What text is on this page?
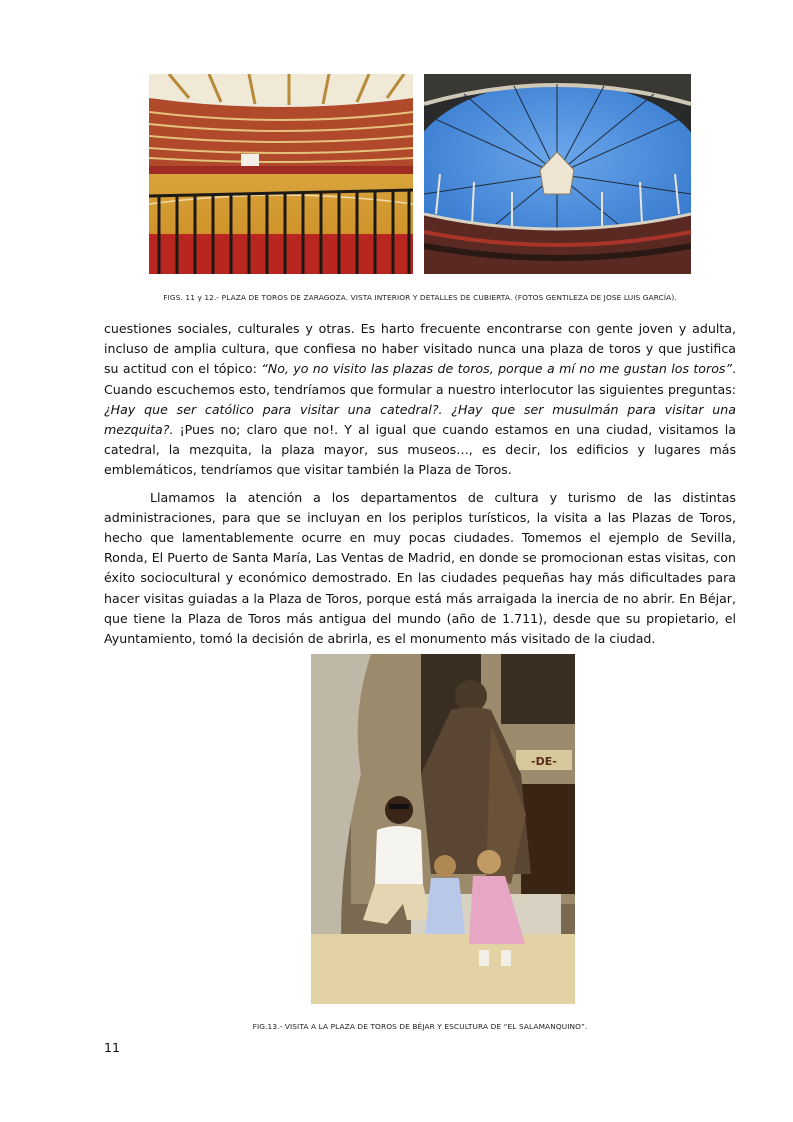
FIGS. 11 y 12.- PLAZA DE TOROS DE ZARAGOZA. VISTA INTERIOR Y DETALLES DE CUBIERTA. (FOTOS GENTILEZA DE JOSE LUIS GARCÍA).

cuestiones sociales, culturales y otras. Es harto frecuente encontrarse con gente joven y adulta, incluso de amplia cultura, que confiesa no haber visitado nunca una plaza de toros y que justifica su actitud con el tópico: “No, yo no visito las plazas de toros, porque a mí no me gustan los toros”. Cuando escuchemos esto, tendríamos que formular a nuestro interlocutor las siguientes preguntas: ¿Hay que ser católico para visitar una catedral?. ¿Hay que ser musulmán para visitar una mezquita?. ¡Pues no; claro que no!. Y al igual que cuando estamos en una ciudad, visitamos la catedral, la mezquita, la plaza mayor, sus museos…, es decir, los edificios y lugares más emblemáticos, tendríamos que visitar también la Plaza de Toros.

Llamamos la atención a los departamentos de cultura y turismo de las distintas administraciones, para que se incluyan en los periplos turísticos, la visita a las Plazas de Toros, hecho que lamentablemente ocurre en muy pocas ciudades. Tomemos el ejemplo de Sevilla, Ronda, El Puerto de Santa María, Las Ventas de Madrid, en donde se promocionan estas visitas, con éxito sociocultural y económico demostrado. En las ciudades pequeñas hay más dificultades para hacer visitas guiadas a la Plaza de Toros, porque está más arraigada la inercia de no abrir. En Béjar, que tiene la Plaza de Toros más antigua del mundo (año de 1.711), desde que su propietario, el Ayuntamiento, tomó la decisión de abrirla, es el monumento más visitado de la ciudad.

-DE-
FIG.13.- VISITA A LA PLAZA DE TOROS DE BÉJAR Y ESCULTURA DE “EL SALAMANQUINO”.
11
